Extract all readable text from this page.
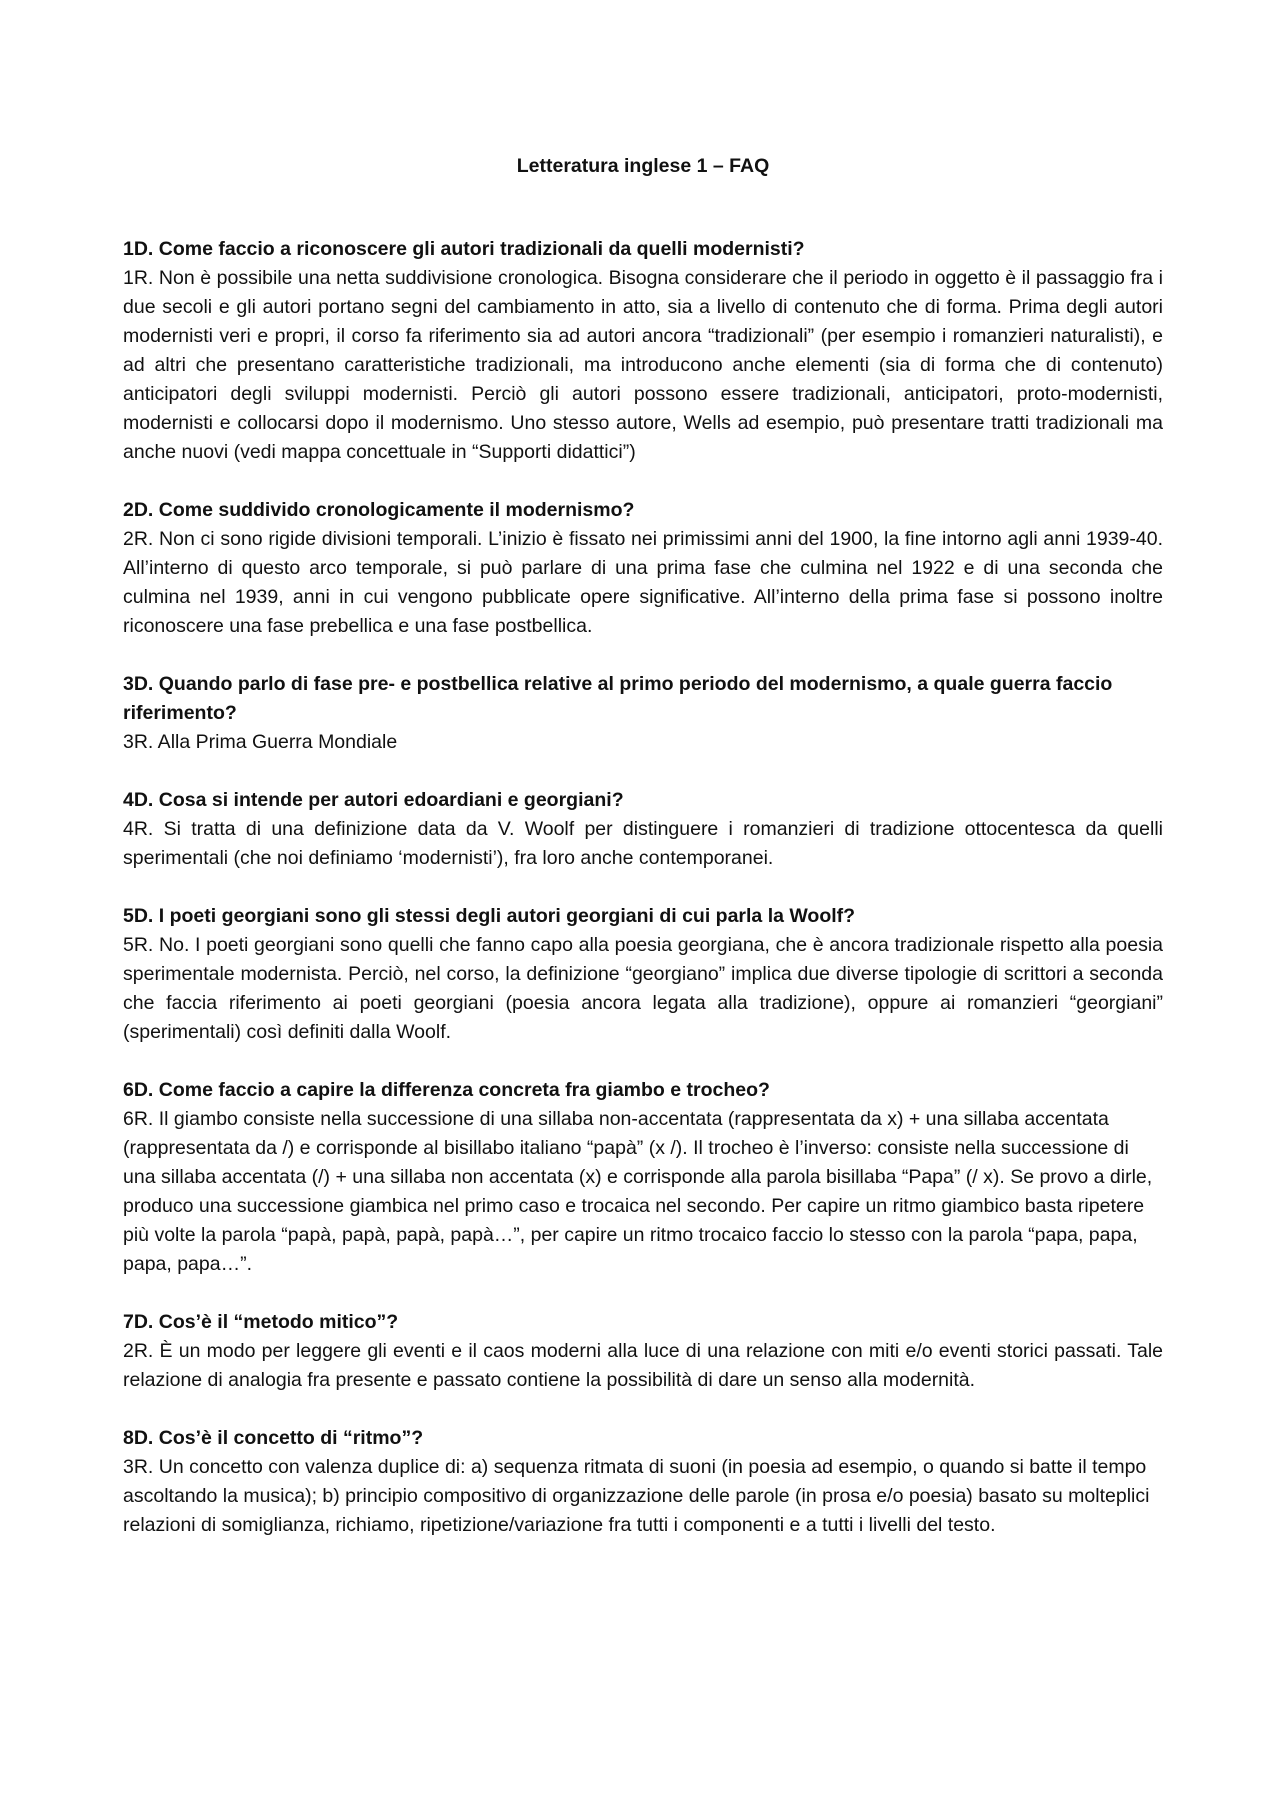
Letteratura inglese 1 – FAQ

1D. Come faccio a riconoscere gli autori tradizionali da quelli modernisti?

1R. Non è possibile una netta suddivisione cronologica. Bisogna considerare che il periodo in oggetto è il passaggio fra i due secoli e gli autori portano segni del cambiamento in atto, sia a livello di contenuto che di forma. Prima degli autori modernisti veri e propri, il corso fa riferimento sia ad autori ancora “tradizionali” (per esempio i romanzieri naturalisti), e ad altri che presentano caratteristiche tradizionali, ma introducono anche elementi (sia di forma che di contenuto) anticipatori degli sviluppi modernisti. Perciò gli autori possono essere tradizionali, anticipatori, proto-modernisti, modernisti e collocarsi dopo il modernismo. Uno stesso autore, Wells ad esempio, può presentare tratti tradizionali ma anche nuovi (vedi mappa concettuale in “Supporti didattici”)

2D. Come suddivido cronologicamente il modernismo?

2R. Non ci sono rigide divisioni temporali. L’inizio è fissato nei primissimi anni del 1900, la fine intorno agli anni 1939-40. All’interno di questo arco temporale, si può parlare di una prima fase che culmina nel 1922 e di una seconda che culmina nel 1939, anni in cui vengono pubblicate opere significative. All’interno della prima fase si possono inoltre riconoscere una fase prebellica e una fase postbellica.

3D. Quando parlo di fase pre- e postbellica relative al primo periodo del modernismo, a quale guerra faccio riferimento?

3R. Alla Prima Guerra Mondiale

4D. Cosa si intende per autori edoardiani e georgiani?

4R. Si tratta di una definizione data da V. Woolf per distinguere i romanzieri di tradizione ottocentesca da quelli sperimentali (che noi definiamo ‘modernisti’), fra loro anche contemporanei.

5D. I poeti georgiani sono gli stessi degli autori georgiani di cui parla la Woolf?

5R. No. I poeti georgiani sono quelli che fanno capo alla poesia georgiana, che è ancora tradizionale rispetto alla poesia sperimentale modernista. Perciò, nel corso, la definizione “georgiano” implica due diverse tipologie di scrittori a seconda che faccia riferimento ai poeti georgiani (poesia ancora legata alla tradizione), oppure ai romanzieri “georgiani” (sperimentali) così definiti dalla Woolf.

6D. Come faccio a capire la differenza concreta fra giambo e trocheo?

6R. Il giambo consiste nella successione di una sillaba non-accentata (rappresentata da x) + una sillaba accentata (rappresentata da /) e corrisponde al bisillabo italiano “papà” (x /). Il trocheo è l’inverso: consiste nella successione di una sillaba accentata (/) + una sillaba non accentata (x) e corrisponde alla parola bisillaba “Papa” (/ x). Se provo a dirle, produco una successione giambica nel primo caso e trocaica nel secondo. Per capire un ritmo giambico basta ripetere più volte la parola “papà, papà, papà, papà…”, per capire un ritmo trocaico faccio lo stesso con la parola “papa, papa, papa, papa…”.

7D. Cos’è il “metodo mitico”?

2R. È un modo per leggere gli eventi e il caos moderni alla luce di una relazione con miti e/o eventi storici passati. Tale relazione di analogia fra presente e passato contiene la possibilità di dare un senso alla modernità.

8D. Cos’è il concetto di “ritmo”?

3R. Un concetto con valenza duplice di: a) sequenza ritmata di suoni (in poesia ad esempio, o quando si batte il tempo ascoltando la musica); b) principio compositivo di organizzazione delle parole (in prosa e/o poesia) basato su molteplici relazioni di somiglianza, richiamo, ripetizione/variazione fra tutti i componenti e a tutti i livelli del testo.
